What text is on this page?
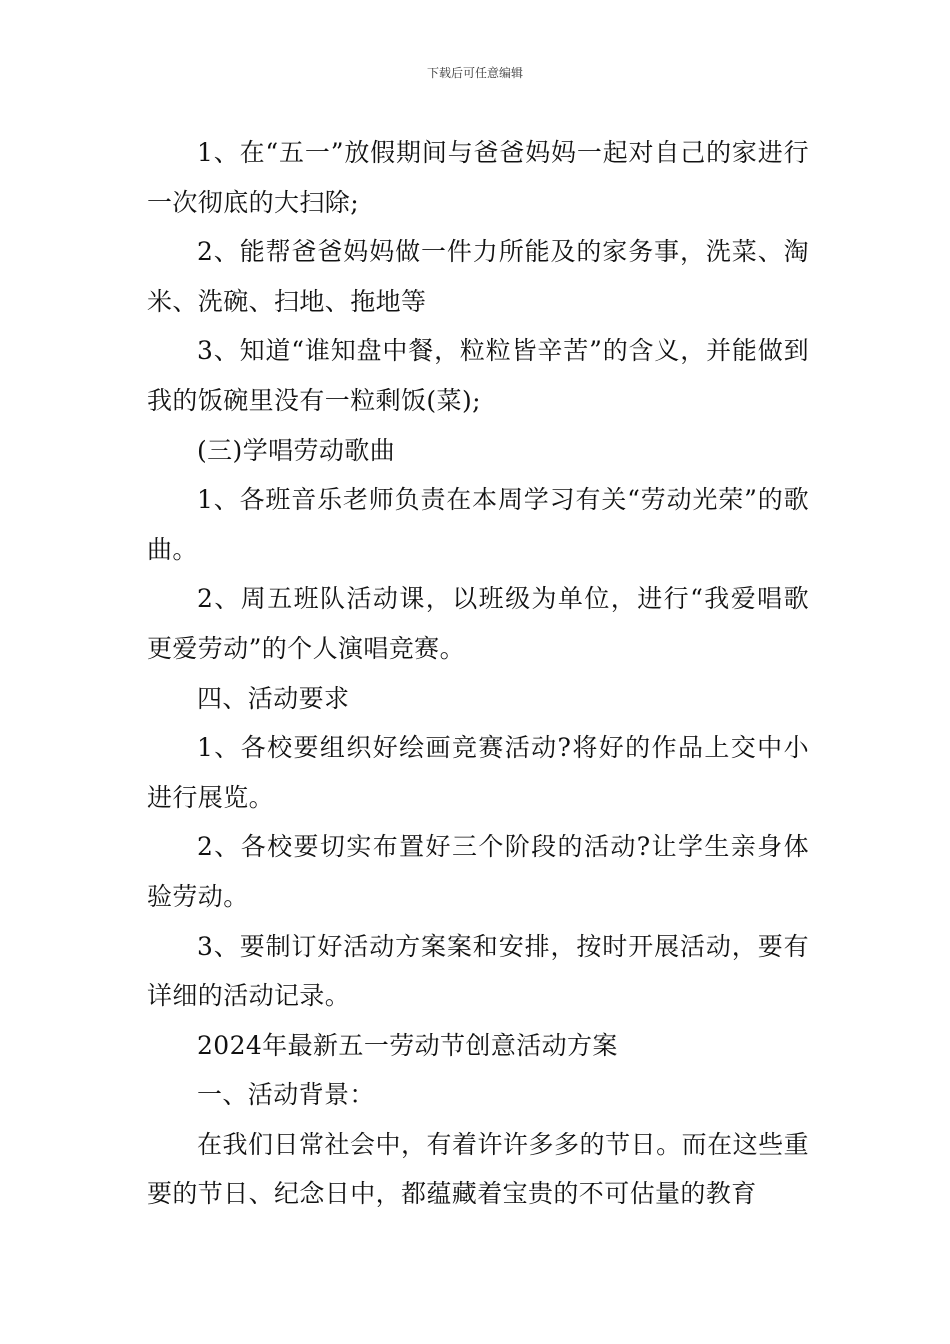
下载后可任意编辑

1、在“五一”放假期间与爸爸妈妈一起对自己的家进行一次彻底的大扫除;

2、能帮爸爸妈妈做一件力所能及的家务事，洗菜、淘米、洗碗、扫地、拖地等

3、知道“谁知盘中餐，粒粒皆辛苦”的含义，并能做到我的饭碗里没有一粒剩饭(菜);

(三)学唱劳动歌曲

1、各班音乐老师负责在本周学习有关“劳动光荣”的歌曲。

2、周五班队活动课，以班级为单位，进行“我爱唱歌更爱劳动”的个人演唱竞赛。

四、活动要求

1、各校要组织好绘画竞赛活动?将好的作品上交中小进行展览。

2、各校要切实布置好三个阶段的活动?让学生亲身体验劳动。

3、要制订好活动方案案和安排，按时开展活动，要有详细的活动记录。

2024年最新五一劳动节创意活动方案

一、活动背景：

在我们日常社会中，有着许许多多的节日。而在这些重要的节日、纪念日中，都蕴藏着宝贵的不可估量的教育
